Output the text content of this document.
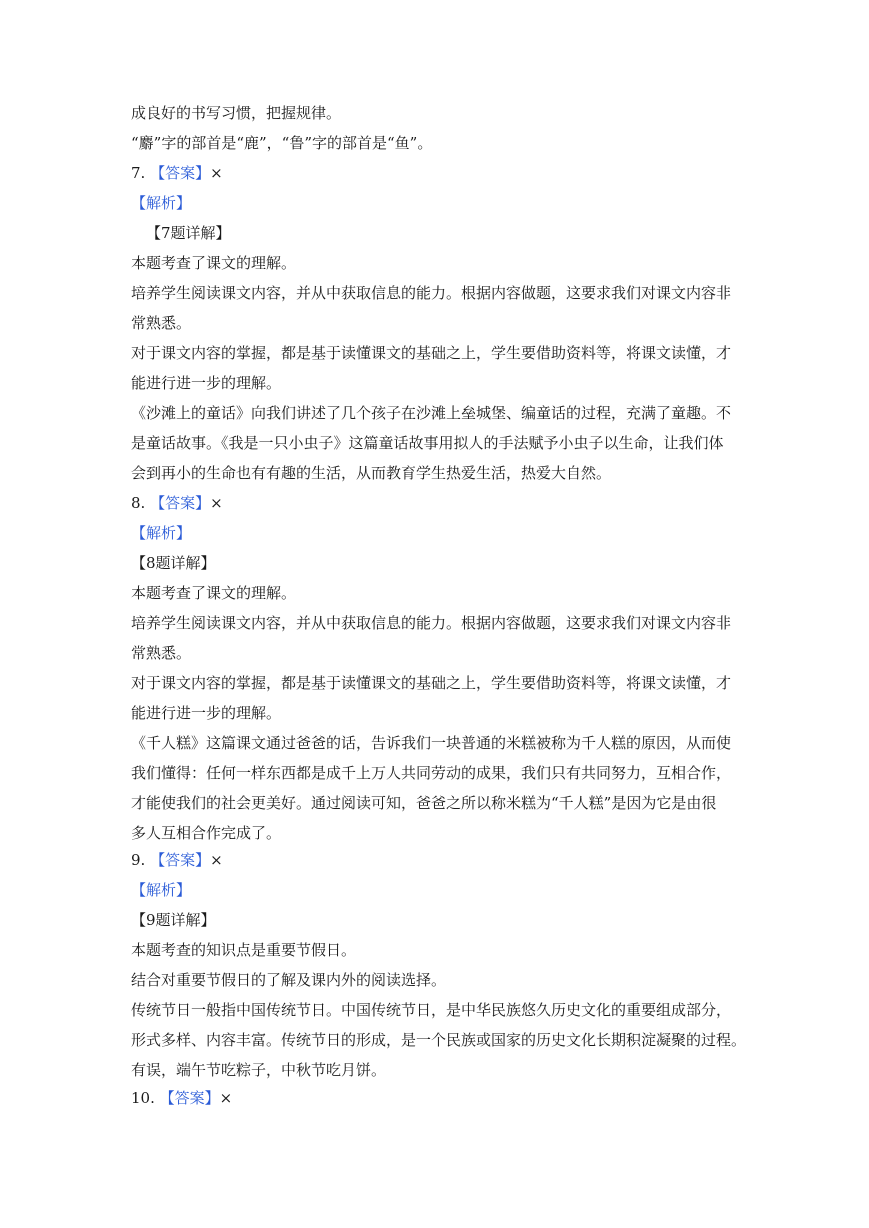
成良好的书写习惯，把握规律。
“麝”字的部首是“鹿”，“鲁”字的部首是“鱼”。
7. 【答案】×
【解析】
【7题详解】
本题考查了课文的理解。
培养学生阅读课文内容，并从中获取信息的能力。根据内容做题，这要求我们对课文内容非
常熟悉。
对于课文内容的掌握，都是基于读懂课文的基础之上，学生要借助资料等，将课文读懂，才
能进行进一步的理解。
《沙滩上的童话》向我们讲述了几个孩子在沙滩上垒城堡、编童话的过程，充满了童趣。不
是童话故事。《我是一只小虫子》这篇童话故事用拟人的手法赋予小虫子以生命，让我们体
会到再小的生命也有有趣的生活，从而教育学生热爱生活，热爱大自然。
8. 【答案】×
【解析】
【8题详解】
本题考查了课文的理解。
培养学生阅读课文内容，并从中获取信息的能力。根据内容做题，这要求我们对课文内容非
常熟悉。
对于课文内容的掌握，都是基于读懂课文的基础之上，学生要借助资料等，将课文读懂，才
能进行进一步的理解。
《千人糕》这篇课文通过爸爸的话，告诉我们一块普通的米糕被称为千人糕的原因，从而使
我们懂得：任何一样东西都是成千上万人共同劳动的成果，我们只有共同努力，互相合作，
才能使我们的社会更美好。通过阅读可知，爸爸之所以称米糕为“千人糕”是因为它是由很
多人互相合作完成了。
9. 【答案】×
【解析】
【9题详解】
本题考查的知识点是重要节假日。
结合对重要节假日的了解及课内外的阅读选择。
传统节日一般指中国传统节日。中国传统节日，是中华民族悠久历史文化的重要组成部分，
形式多样、内容丰富。传统节日的形成，是一个民族或国家的历史文化长期积淀凝聚的过程。
有误，端午节吃粽子，中秋节吃月饼。
10. 【答案】×
